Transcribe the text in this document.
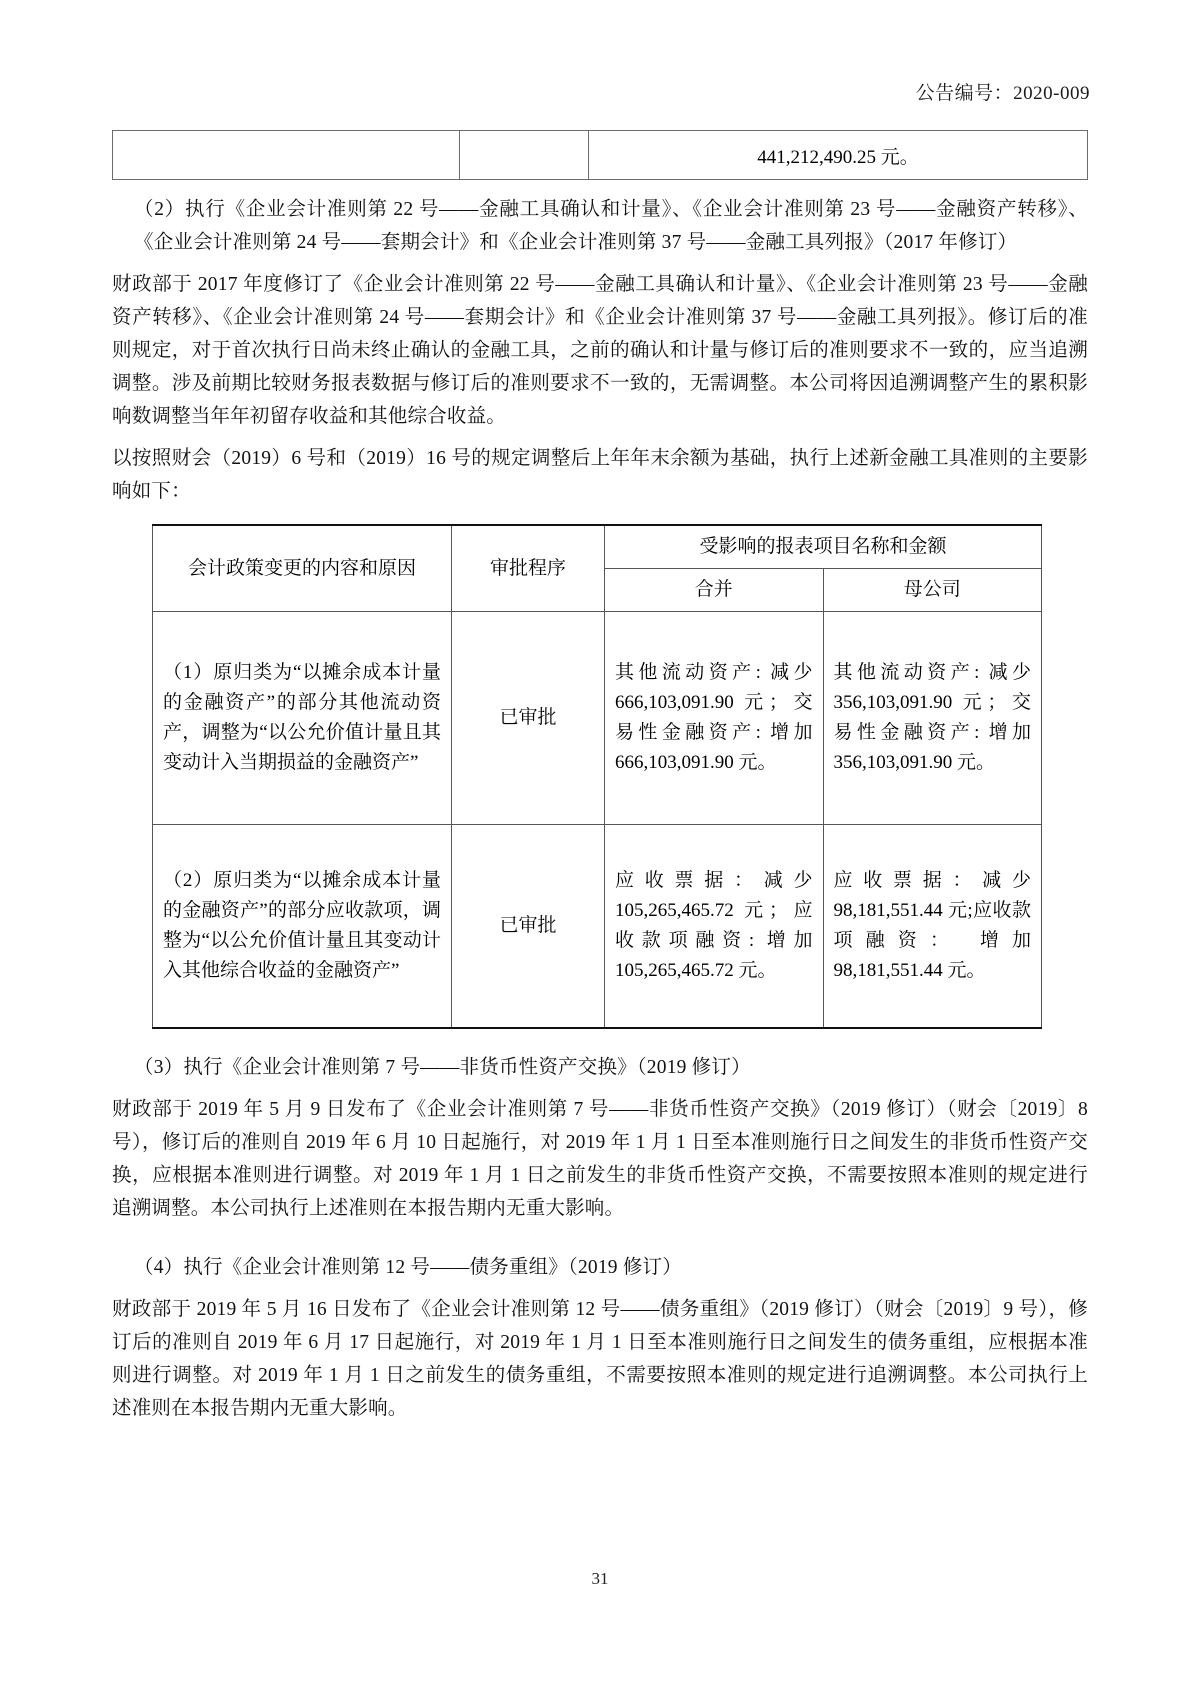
公告编号：2020-009
		441,212,490.25 元。
（2）执行《企业会计准则第 22 号——金融工具确认和计量》、《企业会计准则第 23 号——金融资产转移》、《企业会计准则第 24 号——套期会计》和《企业会计准则第 37 号——金融工具列报》（2017 年修订）
财政部于 2017 年度修订了《企业会计准则第 22 号——金融工具确认和计量》、《企业会计准则第 23 号——金融资产转移》、《企业会计准则第 24 号——套期会计》和《企业会计准则第 37 号——金融工具列报》。修订后的准则规定，对于首次执行日尚未终止确认的金融工具，之前的确认和计量与修订后的准则要求不一致的，应当追溯调整。涉及前期比较财务报表数据与修订后的准则要求不一致的，无需调整。本公司将因追溯调整产生的累积影响数调整当年年初留存收益和其他综合收益。
以按照财会（2019）6 号和（2019）16 号的规定调整后上年年末余额为基础，执行上述新金融工具准则的主要影响如下：
会计政策变更的内容和原因	审批程序	受影响的报表项目名称和金额	
		合并	母公司
（1）原归类为“以摊余成本计量的金融资产”的部分其他流动资产，调整为“以公允价值计量且其变动计入当期损益的金融资产”	已审批	其他流动资产: 减少 666,103,091.90 元；交易性金融资产: 增加 666,103,091.90 元。	其他流动资产: 减少 356,103,091.90 元；交易性金融资产: 增加 356,103,091.90 元。
（2）原归类为“以摊余成本计量的金融资产”的部分应收款项，调整为“以公允价值计量且其变动计入其他综合收益的金融资产”	已审批	应 收 票 据 ： 减 少 105,265,465.72 元；应收款项融资: 增加 105,265,465.72 元。	应 收 票 据 ： 减 少 98,181,551.44 元;应收款项融资： 增加 98,181,551.44 元。
（3）执行《企业会计准则第 7 号——非货币性资产交换》（2019 修订）
财政部于 2019 年 5 月 9 日发布了《企业会计准则第 7 号——非货币性资产交换》（2019 修订）（财会〔2019〕8 号），修订后的准则自 2019 年 6 月 10 日起施行，对 2019 年 1 月 1 日至本准则施行日之间发生的非货币性资产交换，应根据本准则进行调整。对 2019 年 1 月 1 日之前发生的非货币性资产交换，不需要按照本准则的规定进行追溯调整。本公司执行上述准则在本报告期内无重大影响。
（4）执行《企业会计准则第 12 号——债务重组》（2019 修订）
财政部于 2019 年 5 月 16 日发布了《企业会计准则第 12 号——债务重组》（2019 修订）（财会〔2019〕9 号），修订后的准则自 2019 年 6 月 17 日起施行，对 2019 年 1 月 1 日至本准则施行日之间发生的债务重组，应根据本准则进行调整。对 2019 年 1 月 1 日之前发生的债务重组，不需要按照本准则的规定进行追溯调整。本公司执行上述准则在本报告期内无重大影响。
31
